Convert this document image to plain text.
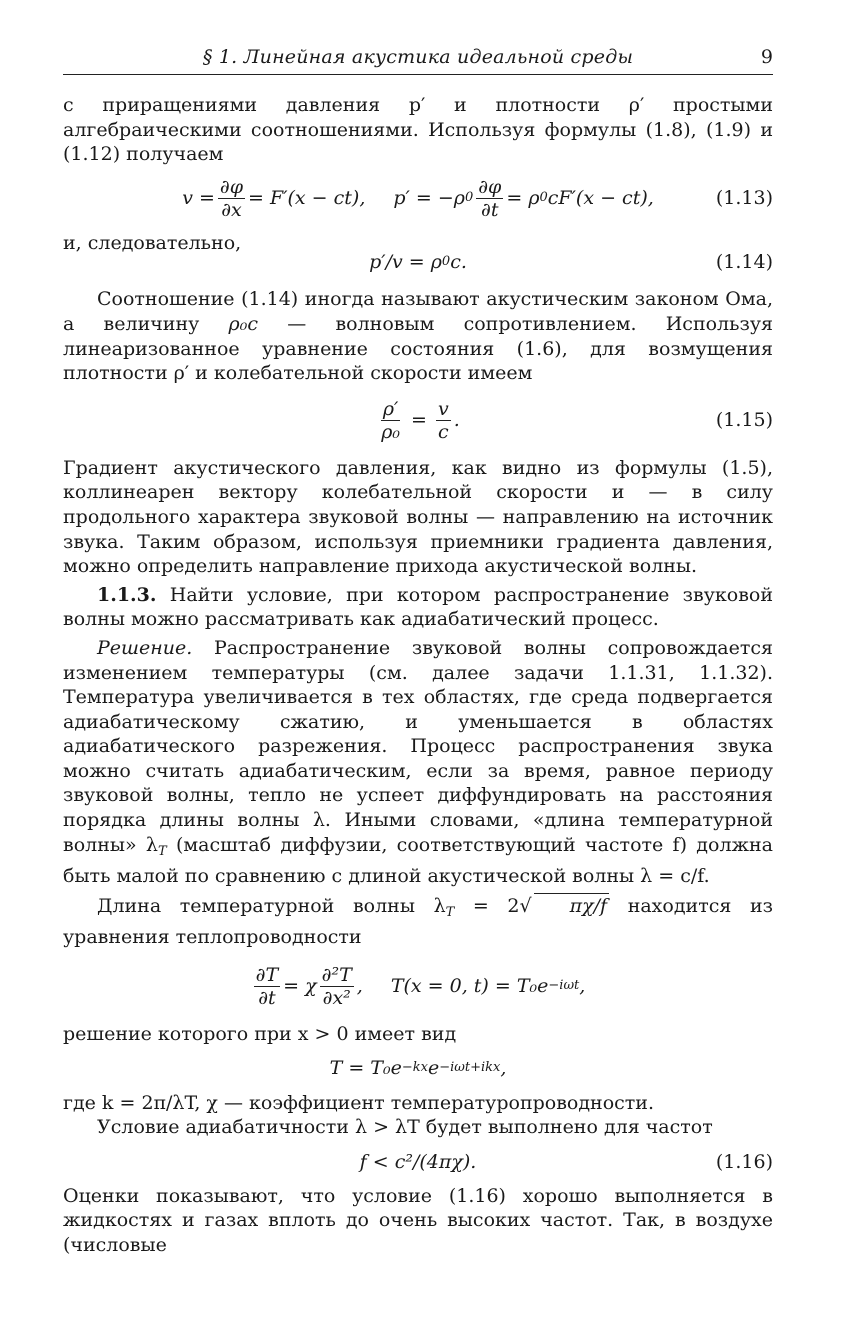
§ 1. Линейная акустика идеальной среды	9

с приращениями давления p′ и плотности ρ′ простыми алгебраическими соотношениями. Используя формулы (1.8), (1.9) и (1.12) получаем

$v = \frac{\partial\varphi}{\partial x} = F'(x - ct)$, p′ = −ρ $0 \frac{\partial\varphi}{\partial t} = \rho$ 0 cF′(x − ct),	(1.13)

и, следовательно,

p′/v = ρ 0 c.	(1.14)

Соотношение (1.14) иногда называют акустическим законом Ома, а величину ρ₀c — волновым сопротивлением. Используя линеаризованное уравнение состояния (1.6), для возмущения плотности ρ′ и колебательной скорости имеем

$\frac{\rho'}{\text{ρ₀}} = \frac{v}{c}$ .	(1.15)

Градиент акустического давления, как видно из формулы (1.5), коллинеарен вектору колебательной скорости и — в силу продольного характера звуковой волны — направлению на источник звука. Таким образом, используя приемники градиента давления, можно определить направление прихода акустической волны.

1.1.3. Найти условие, при котором распространение звуковой волны можно рассматривать как адиабатический процесс.

Решение. Распространение звуковой волны сопровождается изменением температуры (см. далее задачи 1.1.31, 1.1.32). Температура увеличивается в тех областях, где среда подвергается адиабатическому сжатию, и уменьшается в областях адиабатического разрежения. Процесс распространения звука можно считать адиабатическим, если за время, равное периоду звуковой волны, тепло не успеет диффундировать на расстояния порядка длины волны λ. Иными словами, «длина температурной волны» $\lambda_T$ (масштаб диффузии, соответствующий частоте f) должна быть малой по сравнению с длиной акустической волны λ = c/f.

Длина температурной волны $\lambda_T = 2√$ πχ/f находится из уравнения теплопроводности

$\frac{\partial T}{\partial t} = \chi \frac{\text{∂²T}}{\text{∂x²}}$ , T(x = 0, t) = T₀e −iωt ,

решение которого при x > 0 имеет вид

T = T₀e −kx e −iωt+ikx ,

где k = 2π/λT, χ — коэффициент температуропроводности.

Условие адиабатичности λ > λT будет выполнено для частот

f < c²/(4πχ).	(1.16)

Оценки показывают, что условие (1.16) хорошо выполняется в жидкостях и газах вплоть до очень высоких частот. Так, в воздухе (числовые
